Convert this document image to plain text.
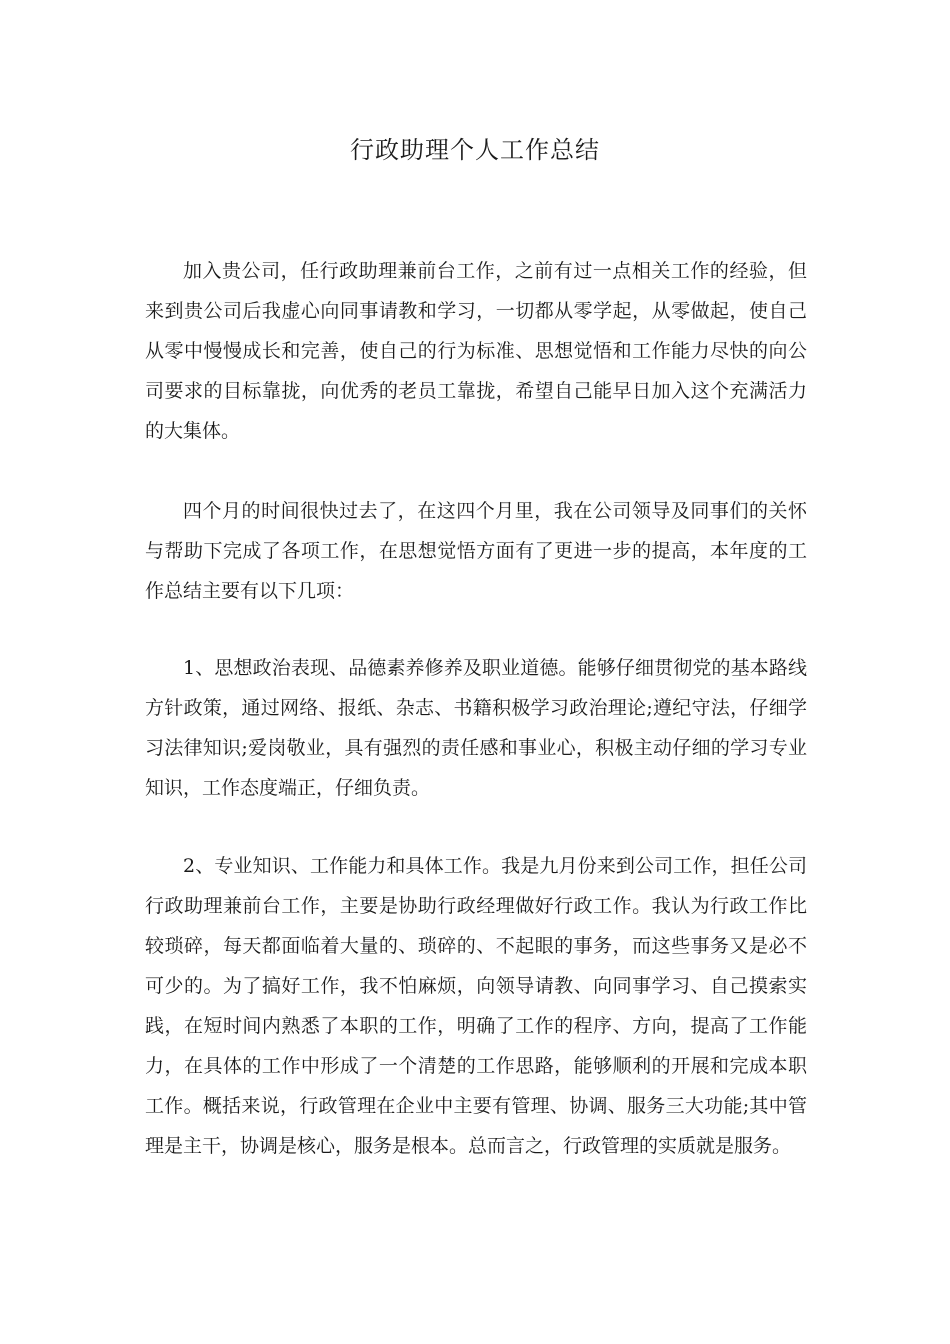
行政助理个人工作总结

加入贵公司，任行政助理兼前台工作，之前有过一点相关工作的经验，但来到贵公司后我虚心向同事请教和学习，一切都从零学起，从零做起，使自己从零中慢慢成长和完善，使自己的行为标准、思想觉悟和工作能力尽快的向公司要求的目标靠拢，向优秀的老员工靠拢，希望自己能早日加入这个充满活力的大集体。

四个月的时间很快过去了，在这四个月里，我在公司领导及同事们的关怀与帮助下完成了各项工作，在思想觉悟方面有了更进一步的提高，本年度的工作总结主要有以下几项：

1、思想政治表现、品德素养修养及职业道德。能够仔细贯彻党的基本路线方针政策，通过网络、报纸、杂志、书籍积极学习政治理论;遵纪守法，仔细学习法律知识;爱岗敬业，具有强烈的责任感和事业心，积极主动仔细的学习专业知识，工作态度端正，仔细负责。

2、专业知识、工作能力和具体工作。我是九月份来到公司工作，担任公司行政助理兼前台工作，主要是协助行政经理做好行政工作。我认为行政工作比较琐碎，每天都面临着大量的、琐碎的、不起眼的事务，而这些事务又是必不可少的。为了搞好工作，我不怕麻烦，向领导请教、向同事学习、自己摸索实践，在短时间内熟悉了本职的工作，明确了工作的程序、方向，提高了工作能力，在具体的工作中形成了一个清楚的工作思路，能够顺利的开展和完成本职工作。概括来说，行政管理在企业中主要有管理、协调、服务三大功能;其中管理是主干，协调是核心，服务是根本。总而言之，行政管理的实质就是服务。
